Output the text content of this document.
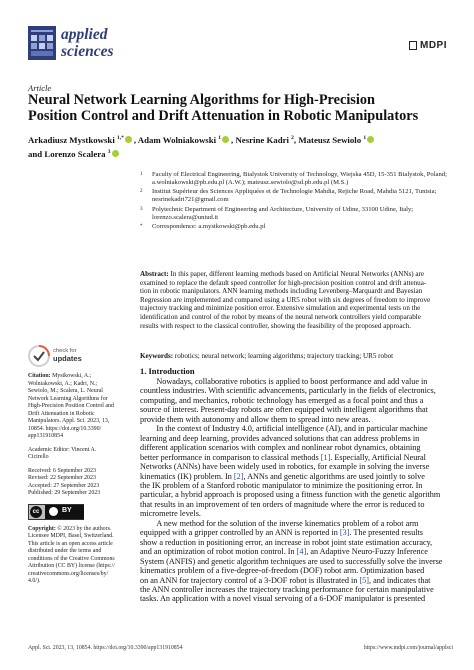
applied
sciences	MDPI
Article
Neural Network Learning Algorithms for High-Precision
Position Control and Drift Attenuation in Robotic Manipulators
Arkadiusz Mystkowski $^{1,*}$ , Adam Wolniakowski $^1$ , Nesrine Kadri $^2$, Mateusz Sewiolo $^1$
and Lorenzo Scalera $^3$
1 Faculty of Electrical Engineering, Bialystok University of Technology, Wiejska 45D, 15-351 Bialystok, Poland;
a.wolniakowski@pb.edu.pl (A.W.); mateusz.sewiolo@sd.pb.edu.pl (M.S.)
2 Institut Supérieur des Sciences Appliquées et de Technologie Mahdia, Rejiche Road, Mahdia 5121, Tunisia;
nesrinekadri721@gmail.com
3 Polytechnic Department of Engineering and Architecture, University of Udine, 33100 Udine, Italy;
lorenzo.scalera@uniud.it
* Correspondence: a.mystkowski@pb.edu.pl
Abstract: In this paper, different learning methods based on Artificial Neural Networks (ANNs) are
examined to replace the default speed controller for high-precision position control and drift attenua-
tion in robotic manipulators. ANN learning methods including Levenberg–Marquardt and Bayesian
Regression are implemented and compared using a UR5 robot with six degrees of freedom to improve
trajectory tracking and minimize position error. Extensive simulation and experimental tests on the
identification and control of the robot by means of the neural network controllers yield comparable
results with respect to the classical controller, showing the feasibility of the proposed approach.
Keywords: robotics; neural network; learning algorithms; trajectory tracking; UR5 robot
check for
updates
Citation: Mystkowski, A.;
Wolniakowski, A.; Kadri, N.;
Sewiolo, M.; Scalera, L. Neural
Network Learning Algorithms for
High-Precision Position Control and
Drift Attenuation in Robotic
Manipulators. Appl. Sci. 2023, 13,
10854. https://doi.org/10.3390/
app131910854
Academic Editor: Vincent A.
Cicirello
Received: 6 September 2023
Revised: 22 September 2023
Accepted: 27 September 2023
Published: 29 September 2023
cc	BY
Copyright: © 2023 by the authors.
Licensee MDPI, Basel, Switzerland.
This article is an open access article
distributed under the terms and
conditions of the Creative Commons
Attribution (CC BY) license (https://
creativecommons.org/licenses/by/
4.0/).
1. Introduction
  Nowadays, collaborative robotics is applied to boost performance and add value in
countless industries. With scientific advancements, particularly in the fields of electronics,
computing, and mechanics, robotic technology has emerged as a focal point and thus a
source of interest. Present-day robots are often equipped with intelligent algorithms that
provide them with autonomy and allow them to spread into new areas.
  In the context of Industry 4.0, artificial intelligence (AI), and in particular machine
learning and deep learning, provides advanced solutions that can address problems in
different application scenarios with complex and nonlinear robot dynamics, obtaining
better performance in comparison to classical methods [1]. Especially, Artificial Neural
Networks (ANNs) have been widely used in robotics, for example in solving the inverse
kinematics (IK) problem. In [2], ANNs and genetic algorithms are used jointly to solve
the IK problem of a Stanford robotic manipulator to minimize the positioning error. In
particular, a hybrid approach is proposed using a fitness function with the genetic algorithm
that results in an improvement of ten orders of magnitude where the error is reduced to
micrometre levels.
  A new method for the solution of the inverse kinematics problem of a robot arm
equipped with a gripper controlled by an ANN is reported in [3]. The presented results
show a reduction in positioning error, an increase in robot joint state estimation accuracy,
and an optimization of robot motion control. In [4], an Adaptive Neuro-Fuzzy Inference
System (ANFIS) and genetic algorithm techniques are used to successfully solve the inverse
kinematics problem of a five-degree-of-freedom (DOF) robot arm. Optimization based
on an ANN for trajectory control of a 3-DOF robot is illustrated in [5], and indicates that
the ANN controller increases the trajectory tracking performance for certain manipulative
tasks. An application with a novel visual servoing of a 6-DOF manipulator is presented
Appl. Sci. 2023, 13, 10854. https://doi.org/10.3390/app131910854	https://www.mdpi.com/journal/applsci
